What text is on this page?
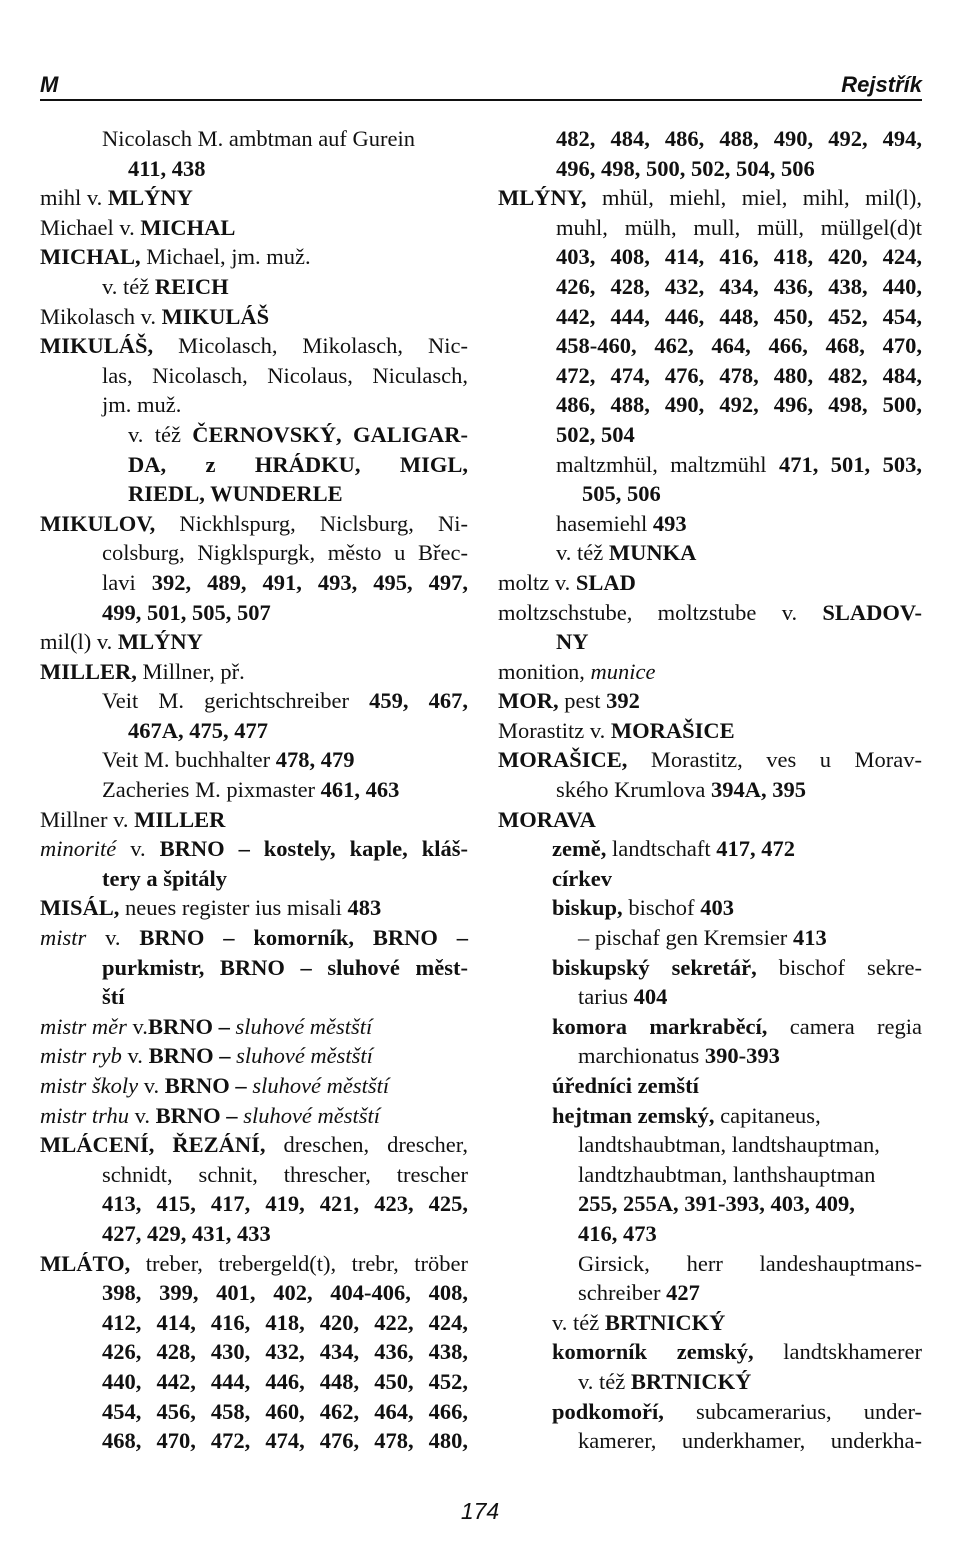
M	Rejstřík
Nicolasch M. ambtman auf Gurein
411, 438
mihl v. MLÝNY
Michael v. MICHAL
MICHAL, Michael, jm. muž.
v. též REICH
Mikolasch v. MIKULÁŠ
MIKULÁŠ, Micolasch, Mikolasch, Nic-
las, Nicolasch, Nicolaus, Niculasch,
jm. muž.
v. též ČERNOVSKÝ, GALIGAR-
DA, z HRÁDKU, MIGL,
RIEDL, WUNDERLE
MIKULOV, Nickhlspurg, Niclsburg, Ni-
colsburg, Nigklspurgk, město u Břec-
lavi 392, 489, 491, 493, 495, 497,
499, 501, 505, 507
mil(l) v. MLÝNY
MILLER, Millner, př.
Veit M. gerichtschreiber 459, 467,
467A, 475, 477
Veit M. buchhalter 478, 479
Zacheries M. pixmaster 461, 463
Millner v. MILLER
minorité v. BRNO – kostely, kaple, kláš-
tery a špitály
MISÁL, neues register ius misali 483
mistr v. BRNO – komorník, BRNO –
purkmistr, BRNO – sluhové měst-
ští
mistr měr v.BRNO – sluhové městští
mistr ryb v. BRNO – sluhové městští
mistr školy v. BRNO – sluhové městští
mistr trhu v. BRNO – sluhové městští
MLÁCENÍ, ŘEZÁNÍ, dreschen, drescher,
schnidt, schnit, threscher, trescher
413, 415, 417, 419, 421, 423, 425,
427, 429, 431, 433
MLÁTO, treber, trebergeld(t), trebr, tröber
398, 399, 401, 402, 404-406, 408,
412, 414, 416, 418, 420, 422, 424,
426, 428, 430, 432, 434, 436, 438,
440, 442, 444, 446, 448, 450, 452,
454, 456, 458, 460, 462, 464, 466,
468, 470, 472, 474, 476, 478, 480,
482, 484, 486, 488, 490, 492, 494,
496, 498, 500, 502, 504, 506
MLÝNY, mhül, miehl, miel, mihl, mil(l),
muhl, mülh, mull, müll, müllgel(d)t
403, 408, 414, 416, 418, 420, 424,
426, 428, 432, 434, 436, 438, 440,
442, 444, 446, 448, 450, 452, 454,
458-460, 462, 464, 466, 468, 470,
472, 474, 476, 478, 480, 482, 484,
486, 488, 490, 492, 496, 498, 500,
502, 504
maltzmhül, maltzmühl 471, 501, 503,
505, 506
hasemiehl 493
v. též MUNKA
moltz v. SLAD
moltzschstube, moltzstube v. SLADOV-
NY
monition, munice
MOR, pest 392
Morastitz v. MORAŠICE
MORAŠICE, Morastitz, ves u Morav-
ského Krumlova 394A, 395
MORAVA
země, landtschaft 417, 472
církev
biskup, bischof 403
– pischaf gen Kremsier 413
biskupský sekretář, bischof sekre-
tarius 404
komora markraběcí, camera regia
marchionatus 390-393
úředníci zemští
hejtman zemský, capitaneus,
landtshaubtman, landtshauptman,
landtzhaubtman, lanthshauptman
255, 255A, 391-393, 403, 409,
416, 473
Girsick, herr landeshauptmans-
schreiber 427
v. též BRTNICKÝ
komorník zemský, landtskhamerer
v. též BRTNICKÝ
podkomoří, subcamerarius, under-
kamerer, underkhamer, underkha-
174
